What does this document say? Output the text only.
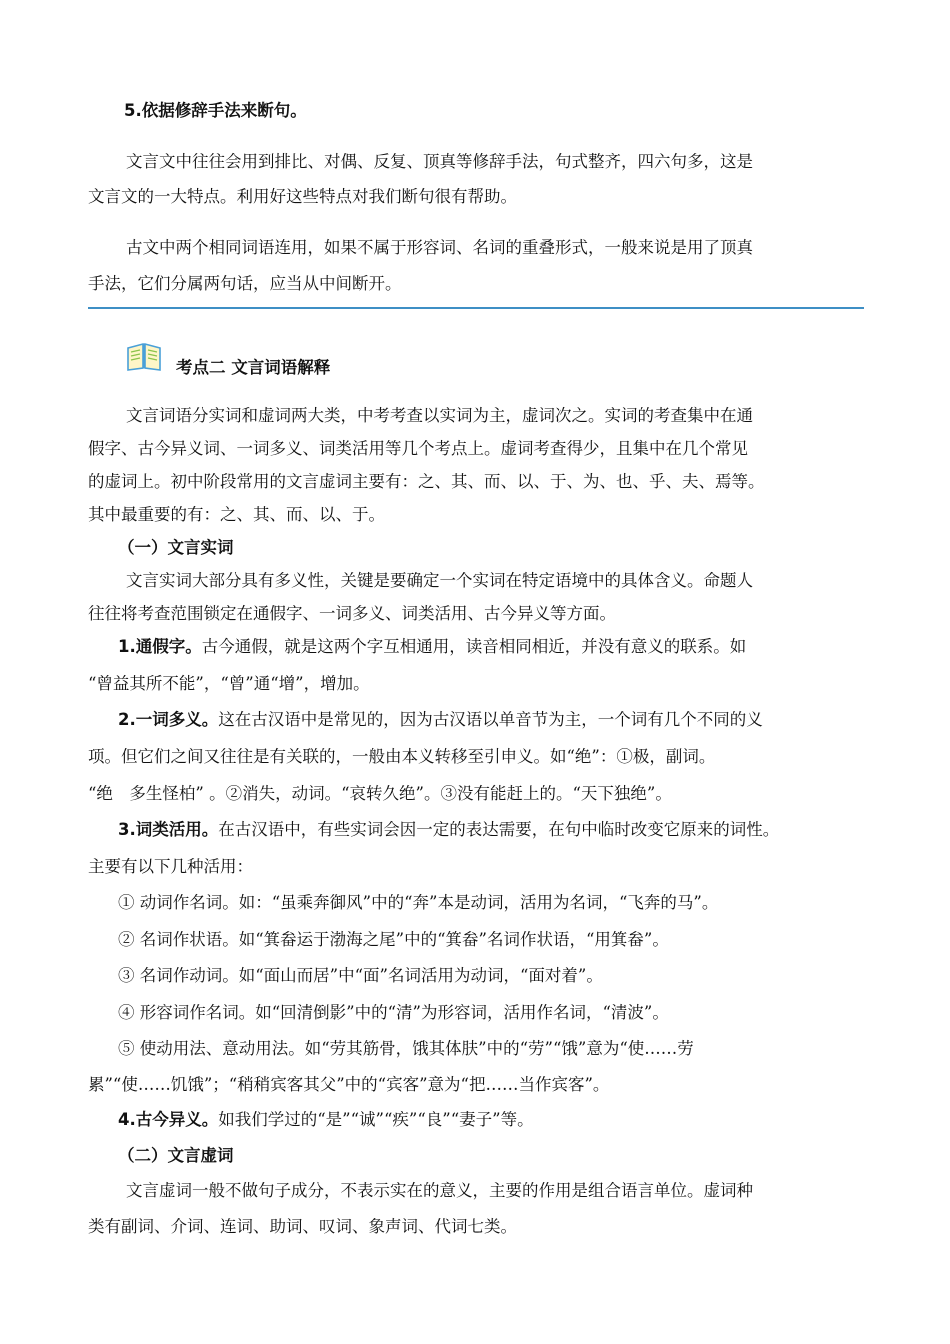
5.依据修辞手法来断句。
文言文中往往会用到排比、对偶、反复、顶真等修辞手法，句式整齐，四六句多，这是
文言文的一大特点。利用好这些特点对我们断句很有帮助。
古文中两个相同词语连用，如果不属于形容词、名词的重叠形式，一般来说是用了顶真
手法，它们分属两句话，应当从中间断开。
考点二 文言词语解释
文言词语分实词和虚词两大类，中考考查以实词为主，虚词次之。实词的考查集中在通
假字、古今异义词、一词多义、词类活用等几个考点上。虚词考查得少，且集中在几个常见
的虚词上。初中阶段常用的文言虚词主要有：之、其、而、以、于、为、也、乎、夫、焉等。
其中最重要的有：之、其、而、以、于。
（一）文言实词
文言实词大部分具有多义性，关键是要确定一个实词在特定语境中的具体含义。命题人
往往将考查范围锁定在通假字、一词多义、词类活用、古今异义等方面。
1.通假字。古今通假，就是这两个字互相通用，读音相同相近，并没有意义的联系。如
“曾益其所不能”，“曾”通“增”，增加。
2.一词多义。这在古汉语中是常见的，因为古汉语以单音节为主，一个词有几个不同的义
项。但它们之间又往往是有关联的，一般由本义转移至引申义。如“绝”：①极，副词。
“绝　多生怪柏” 。②消失，动词。“哀转久绝”。③没有能赶上的。“天下独绝”。
3.词类活用。在古汉语中，有些实词会因一定的表达需要，在句中临时改变它原来的词性。
主要有以下几种活用：
① 动词作名词。如：“虽乘奔御风”中的“奔”本是动词，活用为名词，“飞奔的马”。
② 名词作状语。如“箕畚运于渤海之尾”中的“箕畚”名词作状语，“用箕畚”。
③ 名词作动词。如“面山而居”中“面”名词活用为动词，“面对着”。
④ 形容词作名词。如“回清倒影”中的“清”为形容词，活用作名词，“清波”。
⑤ 使动用法、意动用法。如“劳其筋骨，饿其体肤”中的“劳”“饿”意为“使……劳
累”“使……饥饿”；“稍稍宾客其父”中的“宾客”意为“把……当作宾客”。
4.古今异义。如我们学过的“是”“诚”“疾”“良”“妻子”等。
（二）文言虚词
文言虚词一般不做句子成分，不表示实在的意义，主要的作用是组合语言单位。虚词种
类有副词、介词、连词、助词、叹词、象声词、代词七类。
